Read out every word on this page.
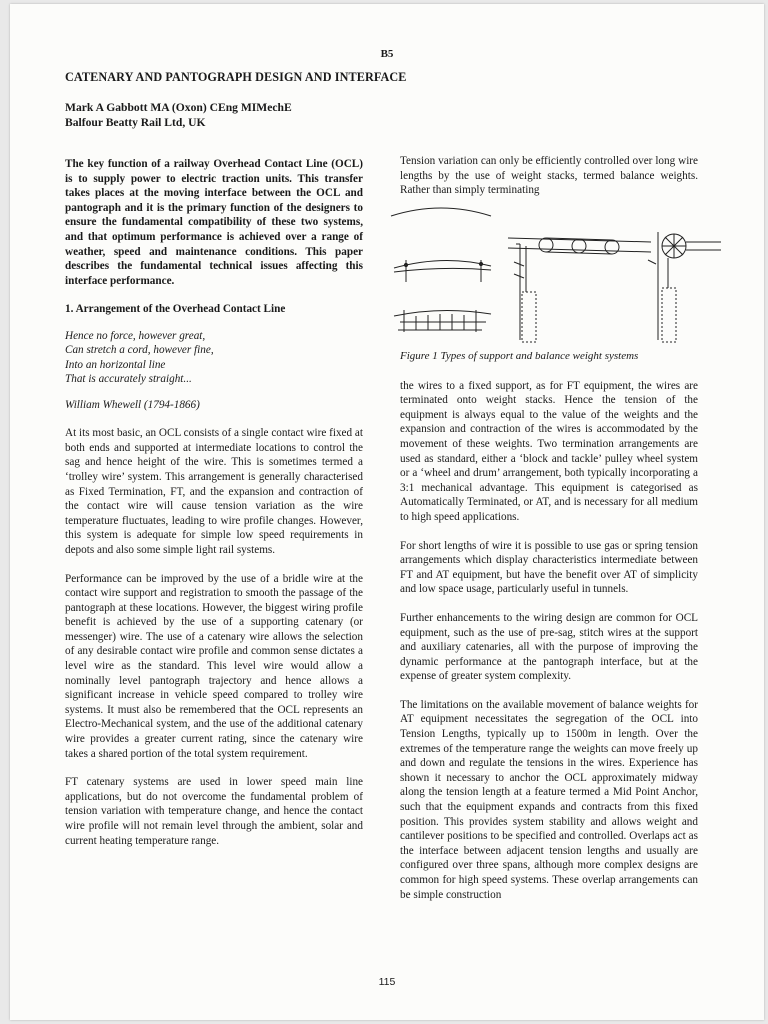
B5
CATENARY AND PANTOGRAPH DESIGN AND INTERFACE
Mark A Gabbott MA (Oxon) CEng MIMechE
Balfour Beatty Rail Ltd, UK

The key function of a railway Overhead Contact Line (OCL) is to supply power to electric traction units. This transfer takes places at the moving interface between the OCL and pantograph and it is the primary function of the designers to ensure the fundamental compatibility of these two systems, and that optimum performance is achieved over a range of weather, speed and maintenance conditions. This paper describes the fundamental technical issues affecting this interface performance.

1. Arrangement of the Overhead Contact Line

Hence no force, however great,
Can stretch a cord, however fine,
Into an horizontal line
That is accurately straight...

William Whewell (1794-1866)

At its most basic, an OCL consists of a single contact wire fixed at both ends and supported at intermediate locations to control the sag and hence height of the wire. This is sometimes termed a ‘trolley wire’ system. This arrangement is generally characterised as Fixed Termination, FT, and the expansion and contraction of the contact wire will cause tension variation as the wire temperature fluctuates, leading to wire profile changes. However, this system is adequate for simple low speed requirements in depots and also some simple light rail systems.

Performance can be improved by the use of a bridle wire at the contact wire support and registration to smooth the passage of the pantograph at these locations. However, the biggest wiring profile benefit is achieved by the use of a supporting catenary (or messenger) wire. The use of a catenary wire allows the selection of any desirable contact wire profile and common sense dictates a level wire as the standard. This level wire would allow a nominally level pantograph trajectory and hence allows a significant increase in vehicle speed compared to trolley wire systems. It must also be remembered that the OCL represents an Electro-Mechanical system, and the use of the additional catenary wire provides a greater current rating, since the catenary wire takes a shared portion of the total system requirement.

FT catenary systems are used in lower speed main line applications, but do not overcome the fundamental problem of tension variation with temperature change, and hence the contact wire profile will not remain level through the ambient, solar and current heating temperature range.

Tension variation can only be efficiently controlled over long wire lengths by the use of weight stacks, termed balance weights. Rather than simply terminating

Figure 1 Types of support and balance weight systems

the wires to a fixed support, as for FT equipment, the wires are terminated onto weight stacks. Hence the tension of the equipment is always equal to the value of the weights and the expansion and contraction of the wires is accommodated by the movement of these weights. Two termination arrangements are used as standard, either a ‘block and tackle’ pulley wheel system or a ‘wheel and drum’ arrangement, both typically incorporating a 3:1 mechanical advantage. This equipment is categorised as Automatically Terminated, or AT, and is necessary for all medium to high speed applications.

For short lengths of wire it is possible to use gas or spring tension arrangements which display characteristics intermediate between FT and AT equipment, but have the benefit over AT of simplicity and low space usage, particularly useful in tunnels.

Further enhancements to the wiring design are common for OCL equipment, such as the use of pre-sag, stitch wires at the support and auxiliary catenaries, all with the purpose of improving the dynamic performance at the pantograph interface, but at the expense of greater system complexity.

The limitations on the available movement of balance weights for AT equipment necessitates the segregation of the OCL into Tension Lengths, typically up to 1500m in length. Over the extremes of the temperature range the weights can move freely up and down and regulate the tensions in the wires. Experience has shown it necessary to anchor the OCL approximately midway along the tension length at a feature termed a Mid Point Anchor, such that the equipment expands and contracts from this fixed position. This provides system stability and allows weight and cantilever positions to be specified and controlled. Overlaps act as the interface between adjacent tension lengths and usually are configured over three spans, although more complex designs are common for high speed systems. These overlap arrangements can be simple construction

115
